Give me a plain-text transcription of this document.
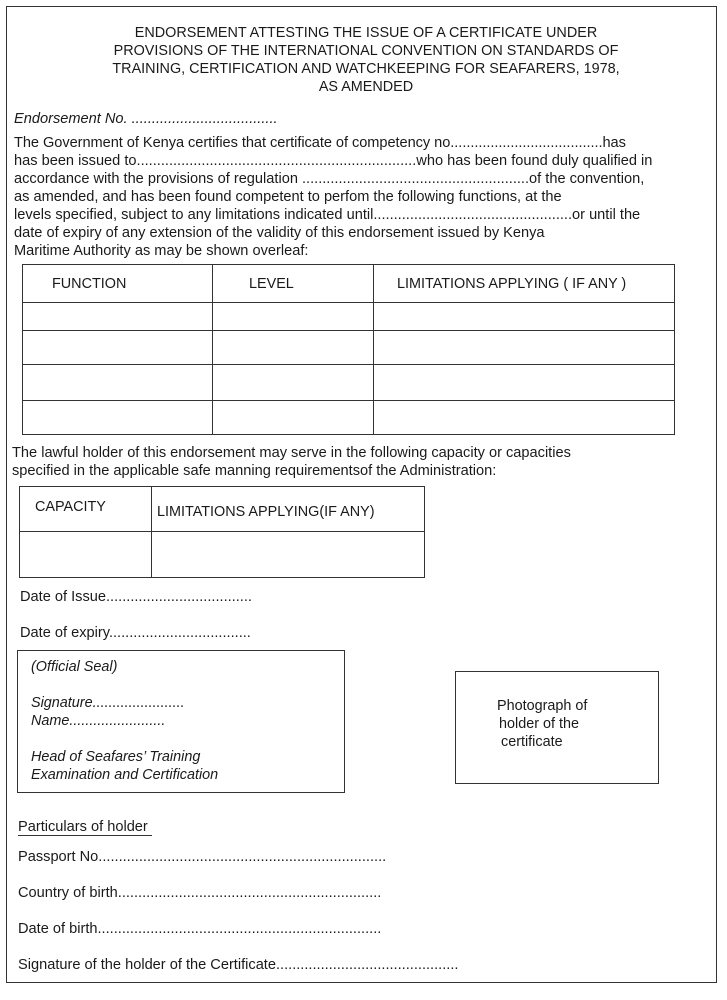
ENDORSEMENT ATTESTING THE ISSUE OF A CERTIFICATE UNDER
PROVISIONS OF THE INTERNATIONAL CONVENTION ON STANDARDS OF
TRAINING, CERTIFICATION AND WATCHKEEPING FOR SEAFARERS, 1978,
AS AMENDED
Endorsement No. ....................................
The Government of Kenya certifies that certificate of competency no......................................has
has been issued to.....................................................................who has been found duly qualified in
accordance with the provisions of regulation ........................................................of the convention,
as amended, and has been found competent to perfom the following functions, at the
levels specified, subject to any limitations indicated until.................................................or until the
date of expiry of any extension of the validity of this endorsement issued by Kenya
Maritime Authority as may be shown overleaf:
FUNCTION	LEVEL	LIMITATIONS APPLYING ( IF ANY )

The lawful holder of this endorsement may serve in the following capacity or capacities
specified in the applicable safe manning requirementsof the Administration:
CAPACITY	LIMITATIONS APPLYING(IF ANY)

Date of Issue....................................
Date of expiry...................................
(Official Seal)
Signature.......................
Name........................
Head of Seafares’ Training
Examination and Certification
Photograph of
holder of the
certificate
Particulars of holder
Passport No.......................................................................
Country of birth.................................................................
Date of birth......................................................................
Signature of the holder of the Certificate.............................................
